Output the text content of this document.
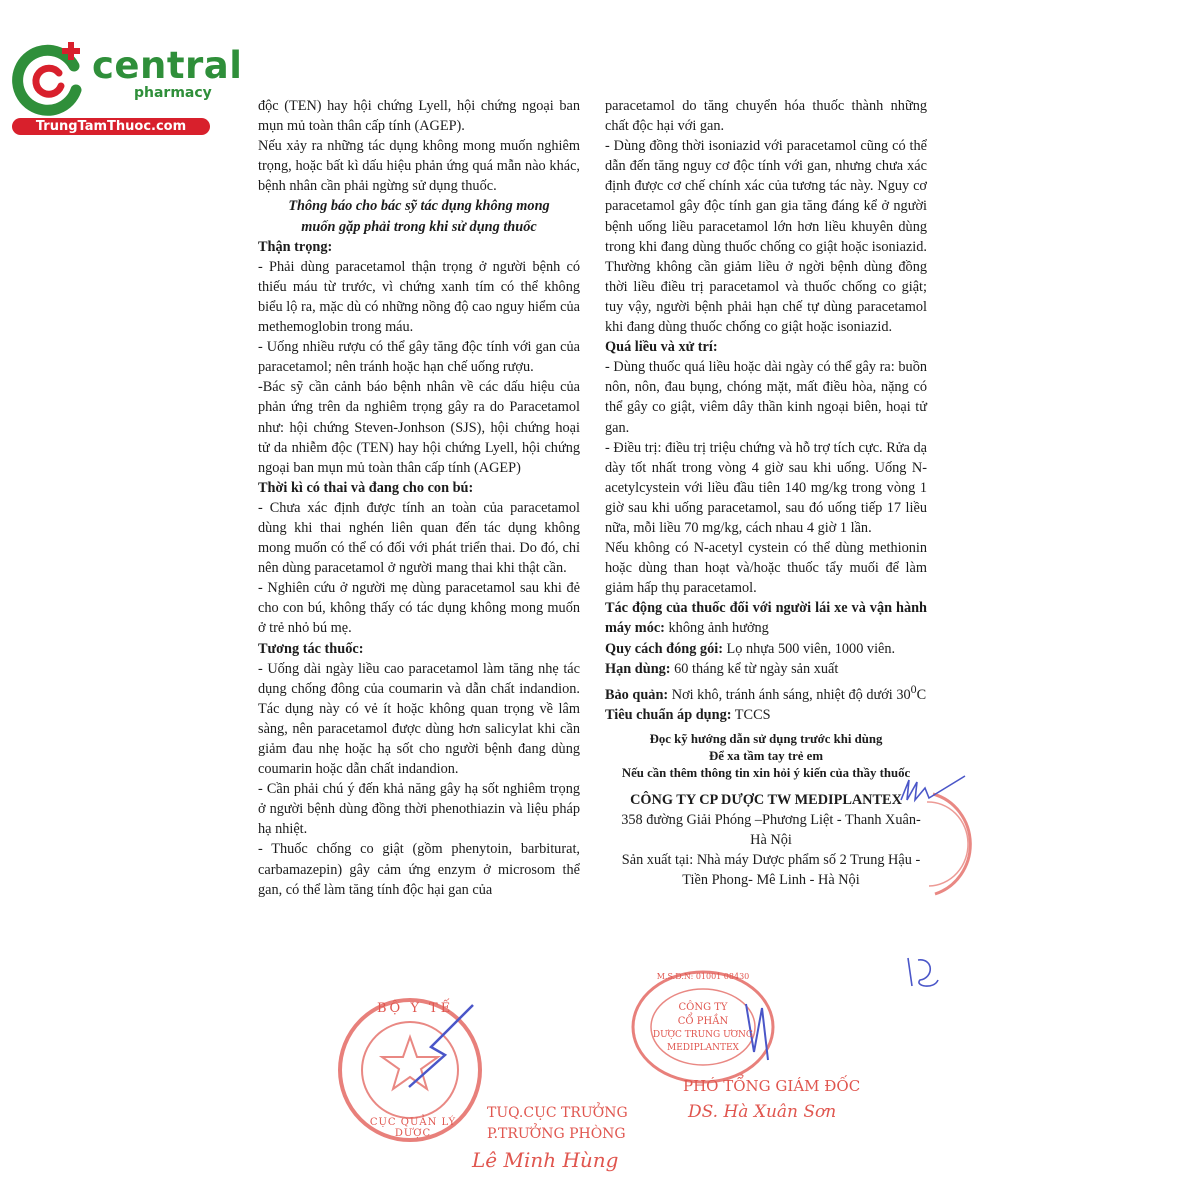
central
pharmacy
TrungTamThuoc.com

độc (TEN) hay hội chứng Lyell, hội chứng ngoại ban mụn mủ toàn thân cấp tính (AGEP).

Nếu xảy ra những tác dụng không mong muốn nghiêm trọng, hoặc bất kì dấu hiệu phản ứng quá mẫn nào khác, bệnh nhân cần phải ngừng sử dụng thuốc.

Thông báo cho bác sỹ tác dụng không mong

muốn gặp phải trong khi sử dụng thuốc

Thận trọng:

- Phải dùng paracetamol thận trọng ở người bệnh có thiếu máu từ trước, vì chứng xanh tím có thể không biểu lộ ra, mặc dù có những nồng độ cao nguy hiểm của methemoglobin trong máu.

- Uống nhiều rượu có thể gây tăng độc tính với gan của paracetamol; nên tránh hoặc hạn chế uống rượu.

-Bác sỹ cần cảnh báo bệnh nhân về các dấu hiệu của phản ứng trên da nghiêm trọng gây ra do Paracetamol như: hội chứng Steven-Jonhson (SJS), hội chứng hoại tử da nhiễm độc (TEN) hay hội chứng Lyell, hội chứng ngoại ban mụn mủ toàn thân cấp tính (AGEP)

Thời kì có thai và đang cho con bú:

- Chưa xác định được tính an toàn của paracetamol dùng khi thai nghén liên quan đến tác dụng không mong muốn có thể có đối với phát triển thai. Do đó, chỉ nên dùng paracetamol ở người mang thai khi thật cần.

- Nghiên cứu ở người mẹ dùng paracetamol sau khi đẻ cho con bú, không thấy có tác dụng không mong muốn ở trẻ nhỏ bú mẹ.

Tương tác thuốc:

- Uống dài ngày liều cao paracetamol làm tăng nhẹ tác dụng chống đông của coumarin và dẫn chất indandion. Tác dụng này có vẻ ít hoặc không quan trọng về lâm sàng, nên paracetamol được dùng hơn salicylat khi cần giảm đau nhẹ hoặc hạ sốt cho người bệnh đang dùng coumarin hoặc dẫn chất indandion.

- Cần phải chú ý đến khả năng gây hạ sốt nghiêm trọng ở người bệnh dùng đồng thời phenothiazin và liệu pháp hạ nhiệt.

- Thuốc chống co giật (gồm phenytoin, barbiturat, carbamazepin) gây cảm ứng enzym ở microsom thể gan, có thể làm tăng tính độc hại gan của

paracetamol do tăng chuyển hóa thuốc thành những chất độc hại với gan.

- Dùng đồng thời isoniazid với paracetamol cũng có thể dẫn đến tăng nguy cơ độc tính với gan, nhưng chưa xác định được cơ chế chính xác của tương tác này. Nguy cơ paracetamol gây độc tính gan gia tăng đáng kể ở người bệnh uống liều paracetamol lớn hơn liều khuyên dùng trong khi đang dùng thuốc chống co giật hoặc isoniazid. Thường không cần giảm liều ở ngời bệnh dùng đồng thời liều điều trị paracetamol và thuốc chống co giật; tuy vậy, người bệnh phải hạn chế tự dùng paracetamol khi đang dùng thuốc chống co giật hoặc isoniazid.

Quá liều và xử trí:

- Dùng thuốc quá liều hoặc dài ngày có thể gây ra: buồn nôn, nôn, đau bụng, chóng mặt, mất điều hòa, nặng có thể gây co giật, viêm dây thần kinh ngoại biên, hoại tử gan.

- Điều trị: điều trị triệu chứng và hỗ trợ tích cực. Rửa dạ dày tốt nhất trong vòng 4 giờ sau khi uống. Uống N-acetylcystein với liều đầu tiên 140 mg/kg trong vòng 1 giờ sau khi uống paracetamol, sau đó uống tiếp 17 liều nữa, mỗi liều 70 mg/kg, cách nhau 4 giờ 1 lần.

Nếu không có N-acetyl cystein có thể dùng methionin hoặc dùng than hoạt và/hoặc thuốc tẩy muối để làm giảm hấp thụ paracetamol.

Tác động của thuốc đối với người lái xe và vận hành máy móc: không ảnh hưởng

Quy cách đóng gói: Lọ nhựa 500 viên, 1000 viên.

Hạn dùng: 60 tháng kể từ ngày sản xuất

Bảo quản: Nơi khô, tránh ánh sáng, nhiệt độ dưới $30^0C$

Tiêu chuẩn áp dụng: TCCS

Đọc kỹ hướng dẫn sử dụng trước khi dùng
Để xa tầm tay trẻ em
Nếu cần thêm thông tin xin hỏi ý kiến của thầy thuốc
CÔNG TY CP DƯỢC TW MEDIPLANTEX
358 đường Giải Phóng –Phương Liệt - Thanh Xuân- Hà Nội
Sản xuất tại: Nhà máy Dược phẩm số 2 Trung Hậu - Tiền Phong- Mê Linh - Hà Nội
BỘ Y TẾ
CỤC QUẢN LÝ DƯỢC
TUQ.CỤC TRƯỞNG
P.TRƯỞNG PHÒNG
Lê Minh Hùng
M.S.D.N: 01001 08430
CÔNG TY
CỔ PHẦN
DƯỢC TRUNG ƯƠNG
MEDIPLANTEX
PHÓ TỔNG GIÁM ĐỐC
DS. Hà Xuân Sơn
